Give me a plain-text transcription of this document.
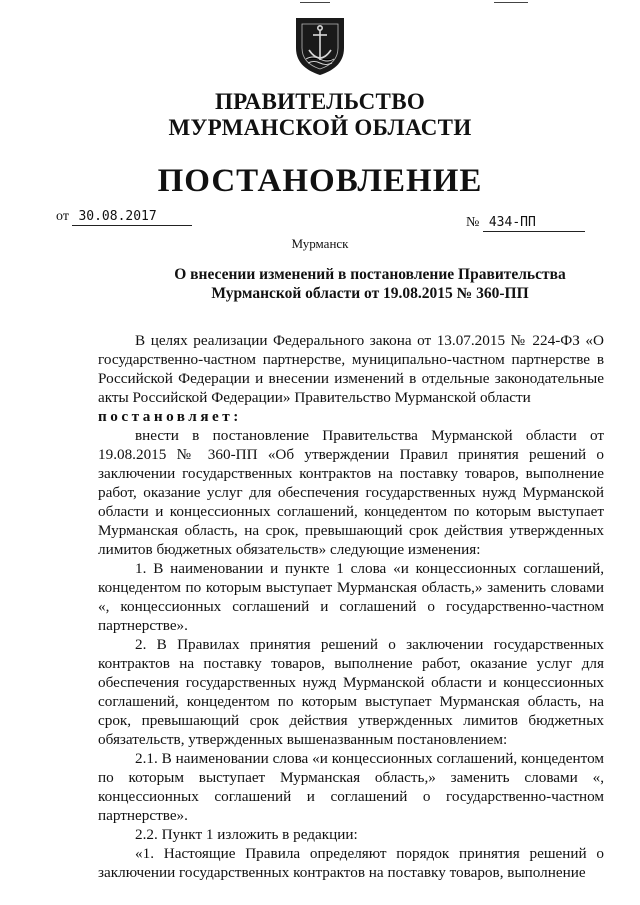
ПРАВИТЕЛЬСТВО
МУРМАНСКОЙ ОБЛАСТИ
ПОСТАНОВЛЕНИЕ
от 30.08.2017	№ 434-ПП
Мурманск
О внесении изменений в постановление Правительства
Мурманской области от 19.08.2015 № 360-ПП

В целях реализации Федерального закона от 13.07.2015 № 224-ФЗ «О государственно-частном партнерстве, муниципально-частном партнерстве в Российской Федерации и внесении изменений в отдельные законодательные акты Российской Федерации» Правительство Мурманской области

постановляет:

внести в постановление Правительства Мурманской области от 19.08.2015 № 360-ПП «Об утверждении Правил принятия решений о заключении государственных контрактов на поставку товаров, выполнение работ, оказание услуг для обеспечения государственных нужд Мурманской области и концессионных соглашений, концедентом по которым выступает Мурманская область, на срок, превышающий срок действия утвержденных лимитов бюджетных обязательств» следующие изменения:

1. В наименовании и пункте 1 слова «и концессионных соглашений, концедентом по которым выступает Мурманская область,» заменить словами «, концессионных соглашений и соглашений о государственно-частном партнерстве».

2. В Правилах принятия решений о заключении государственных контрактов на поставку товаров, выполнение работ, оказание услуг для обеспечения государственных нужд Мурманской области и концессионных соглашений, концедентом по которым выступает Мурманская область, на срок, превышающий срок действия утвержденных лимитов бюджетных обязательств, утвержденных вышеназванным постановлением:

2.1. В наименовании слова «и концессионных соглашений, концедентом по которым выступает Мурманская область,» заменить словами «, концессионных соглашений и соглашений о государственно-частном партнерстве».

2.2. Пункт 1 изложить в редакции:

«1. Настоящие Правила определяют порядок принятия решений о заключении государственных контрактов на поставку товаров, выполнение
